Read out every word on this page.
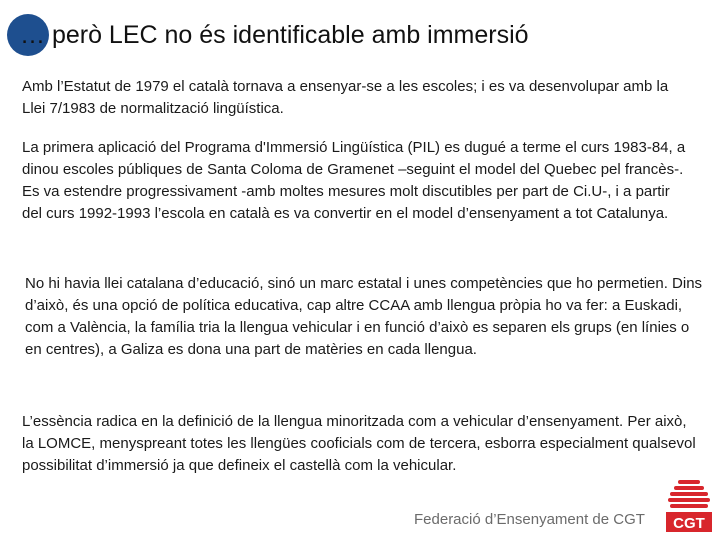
… però LEC no és identificable amb immersió

Amb l’Estatut de 1979 el català tornava a ensenyar-se a les escoles; i es va desenvolupar amb la Llei 7/1983 de normalització lingüística.

La primera aplicació del Programa d'Immersió Lingüística (PIL) es dugué a terme el curs 1983-84, a dinou escoles públiques de Santa Coloma de Gramenet –seguint el model del Quebec pel francès-. Es va estendre progressivament -amb moltes mesures molt discutibles per part de Ci.U-, i a partir del curs 1992-1993 l’escola en català es va convertir en el model d’ensenyament a tot Catalunya.

No hi havia llei catalana d’educació, sinó un marc estatal i unes competències que ho permetien. Dins d’això, és una opció de política educativa, cap altre CCAA amb llengua pròpia ho va fer: a Euskadi, com a València, la família tria la llengua vehicular i en funció d’això es separen els grups (en línies o en centres), a Galiza es dona una part de matèries en cada llengua.

L’essència radica en la definició de la llengua minoritzada com a vehicular d’ensenyament. Per això, la LOMCE, menyspreant totes les llengües cooficials com de tercera, esborra especialment qualsevol possibilitat d’immersió ja que defineix el castellà com la vehicular.

Federació d’Ensenyament de CGT CGT
